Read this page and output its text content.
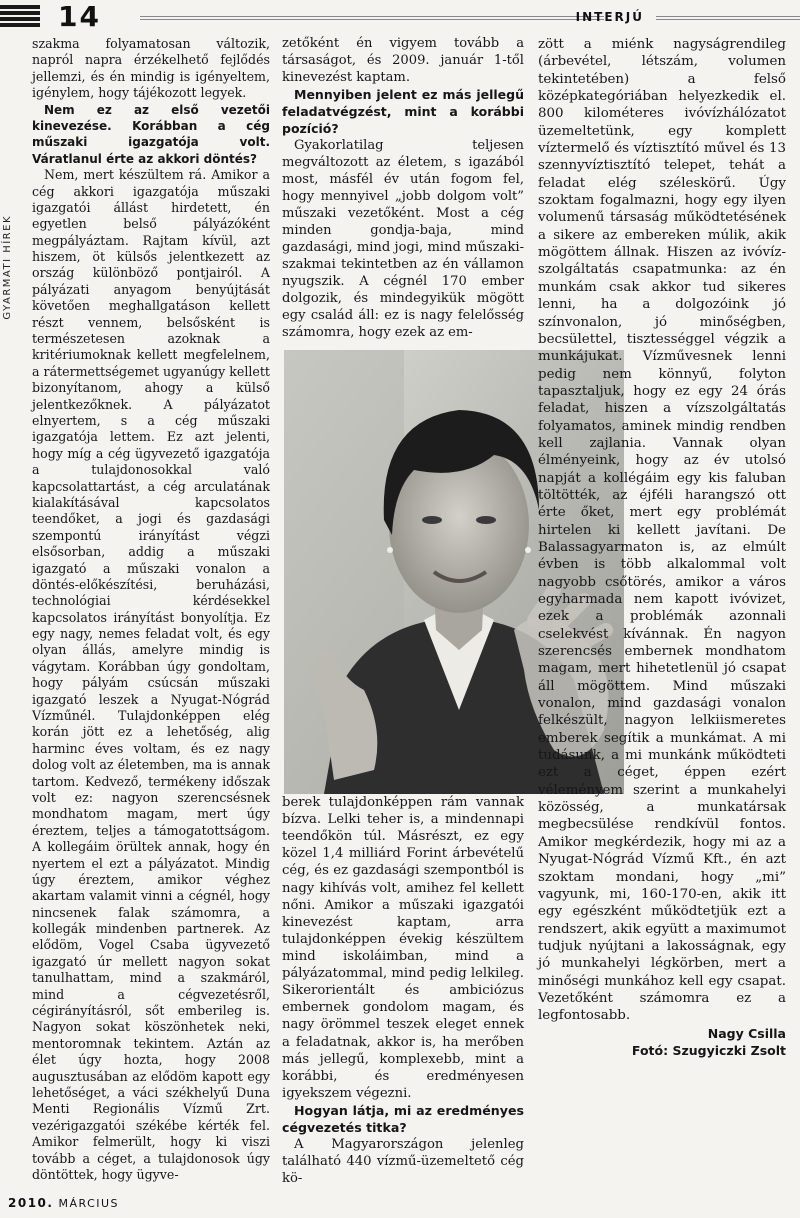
14	INTERJÚ
GYARMATI HÍREK

szakma folyamatosan változik, napról napra érzékelhető fejlődés jellemzi, és én mindig is igényeltem, igénylem, hogy tájékozott legyek.

Nem ez az első vezetői kinevezése. Korábban a cég műszaki igazgatója volt. Váratlanul érte az akkori döntés?

Nem, mert készültem rá. Amikor a cég akkori igazgatója műszaki igazgatói állást hirdetett, én egyetlen belső pályázóként megpályáztam. Rajtam kívül, azt hiszem, öt külsős jelentkezett az ország különböző pontjairól. A pályázati anyagom benyújtását követően meghallgatáson kellett részt vennem, belsősként is természetesen azoknak a kritériumoknak kellett megfelelnem, a rátermettségemet ugyanúgy kellett bizonyítanom, ahogy a külső jelentkezőknek. A pályázatot elnyertem, s a cég műszaki igazgatója lettem. Ez azt jelenti, hogy míg a cég ügyvezető igazgatója a tulajdonosokkal való kapcsolattartást, a cég arculatának kialakításával kapcsolatos teendőket, a jogi és gazdasági szempontú irányítást végzi elsősorban, addig a műszaki igazgató a műszaki vonalon a döntés-előkészítési, beruházási, technológiai kérdésekkel kapcsolatos irányítást bonyolítja. Ez egy nagy, nemes feladat volt, és egy olyan állás, amelyre mindig is vágytam. Korábban úgy gondoltam, hogy pályám csúcsán műszaki igazgató leszek a Nyugat-Nógrád Vízműnél. Tulajdonképpen elég korán jött ez a lehetőség, alig harminc éves voltam, és ez nagy dolog volt az életemben, ma is annak tartom. Kedvező, termékeny időszak volt ez: nagyon szerencsésnek mondhatom magam, mert úgy éreztem, teljes a támogatottságom. A kollegáim örültek annak, hogy én nyertem el ezt a pályázatot. Mindig úgy éreztem, amikor véghez akartam valamit vinni a cégnél, hogy nincsenek falak számomra, a kollegák mindenben partnerek. Az elődöm, Vogel Csaba ügyvezető igazgató úr mellett nagyon sokat tanulhattam, mind a szakmáról, mind a cégvezetésről, cégirányításról, sőt emberileg is. Nagyon sokat köszönhetek neki, mentoromnak tekintem. Aztán az élet úgy hozta, hogy 2008 augusztusában az elődöm kapott egy lehetőséget, a váci székhelyű Duna Menti Regionális Vízmű Zrt. vezérigazgatói székébe kérték fel. Amikor felmerült, hogy ki viszi tovább a céget, a tulajdonosok úgy döntöttek, hogy ügyve-

zetőként én vigyem tovább a társaságot, és 2009. január 1-től kinevezést kaptam.

Mennyiben jelent ez más jellegű feladatvégzést, mint a korábbi pozíció?

Gyakorlatilag teljesen megváltozott az életem, s igazából most, másfél év után fogom fel, hogy mennyivel „jobb dolgom volt” műszaki vezetőként. Most a cég minden gondja-baja, mind gazdasági, mind jogi, mind műszaki-szakmai tekintetben az én vállamon nyugszik. A cégnél 170 ember dolgozik, és mindegyikük mögött egy család áll: ez is nagy felelősség számomra, hogy ezek az em-

berek tulajdonképpen rám vannak bízva. Lelki teher is, a mindennapi teendőkön túl. Másrészt, ez egy közel 1,4 milliárd Forint árbevételű cég, és ez gazdasági szempontból is nagy kihívás volt, amihez fel kellett nőni. Amikor a műszaki igazgatói kinevezést kaptam, arra tulajdonképpen évekig készültem mind iskoláimban, mind a pályázatommal, mind pedig lelkileg. Sikerorientált és ambiciózus embernek gondolom magam, és nagy örömmel teszek eleget ennek a feladatnak, akkor is, ha merőben más jellegű, komplexebb, mint a korábbi, és eredményesen igyekszem végezni.

Hogyan látja, mi az eredményes cégvezetés titka?

A Magyarországon jelenleg található 440 vízmű-üzemeltető cég kö-

zött a miénk nagyságrendileg (árbevétel, létszám, volumen tekintetében) a felső középkategóriában helyezkedik el. 800 kilométeres ivóvízhálózatot üzemeltetünk, egy komplett víztermelő és víztisztító művel és 13 szennyvíztisztító telepet, tehát a feladat elég széleskörű. Úgy szoktam fogalmazni, hogy egy ilyen volumenű társaság működtetésének a sikere az embereken múlik, akik mögöttem állnak. Hiszen az ivóvíz-szolgáltatás csapatmunka: az én munkám csak akkor tud sikeres lenni, ha a dolgozóink jó színvonalon, jó minőségben, becsülettel, tisztességgel végzik a munkájukat. Vízművesnek lenni pedig nem könnyű, folyton tapasztaljuk, hogy ez egy 24 órás feladat, hiszen a vízszolgáltatás folyamatos, aminek mindig rendben kell zajlania. Vannak olyan élményeink, hogy az év utolsó napját a kollégáim egy kis faluban töltötték, az éjféli harangszó ott érte őket, mert egy problémát hirtelen ki kellett javítani. De Balassagyarmaton is, az elmúlt évben is több alkalommal volt nagyobb csőtörés, amikor a város egyharmada nem kapott ivóvizet, ezek a problémák azonnali cselekvést kívánnak. Én nagyon szerencsés embernek mondhatom magam, mert hihetetlenül jó csapat áll mögöttem. Mind műszaki vonalon, mind gazdasági vonalon felkészült, nagyon lelkiismeretes emberek segítik a munkámat. A mi tudásunk, a mi munkánk működteti ezt a céget, éppen ezért véleményem szerint a munkahelyi közösség, a munkatársak megbecsülése rendkívül fontos. Amikor megkérdezik, hogy mi az a Nyugat-Nógrád Vízmű Kft., én azt szoktam mondani, hogy „mi” vagyunk, mi, 160-170-en, akik itt egy egészként működtetjük ezt a rendszert, akik együtt a maximumot tudjuk nyújtani a lakosságnak, egy jó munkahelyi légkörben, mert a minőségi munkához kell egy csapat. Vezetőként számomra ez a legfontosabb.

Nagy Csilla

Fotó: Szugyiczki Zsolt

2010. MÁRCIUS
